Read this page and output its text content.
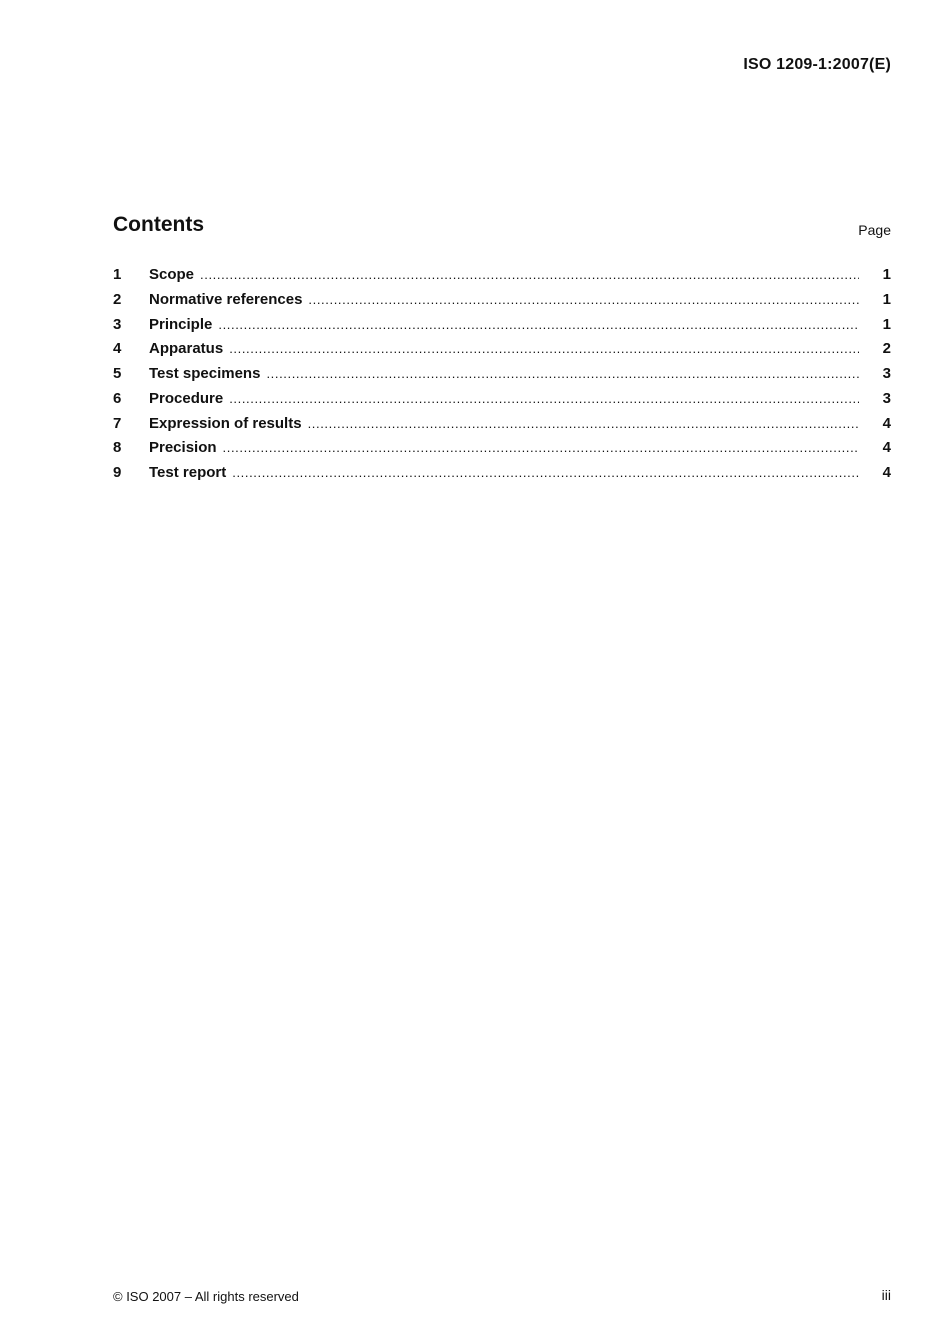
ISO 1209-1:2007(E)
Contents	Page
1	Scope .....	1
2	Normative references .....	1
3	Principle .....	1
4	Apparatus .....	2
5	Test specimens .....	3
6	Procedure .....	3
7	Expression of results .....	4
8	Precision .....	4
9	Test report .....	4
© ISO 2007 – All rights reserved	iii
